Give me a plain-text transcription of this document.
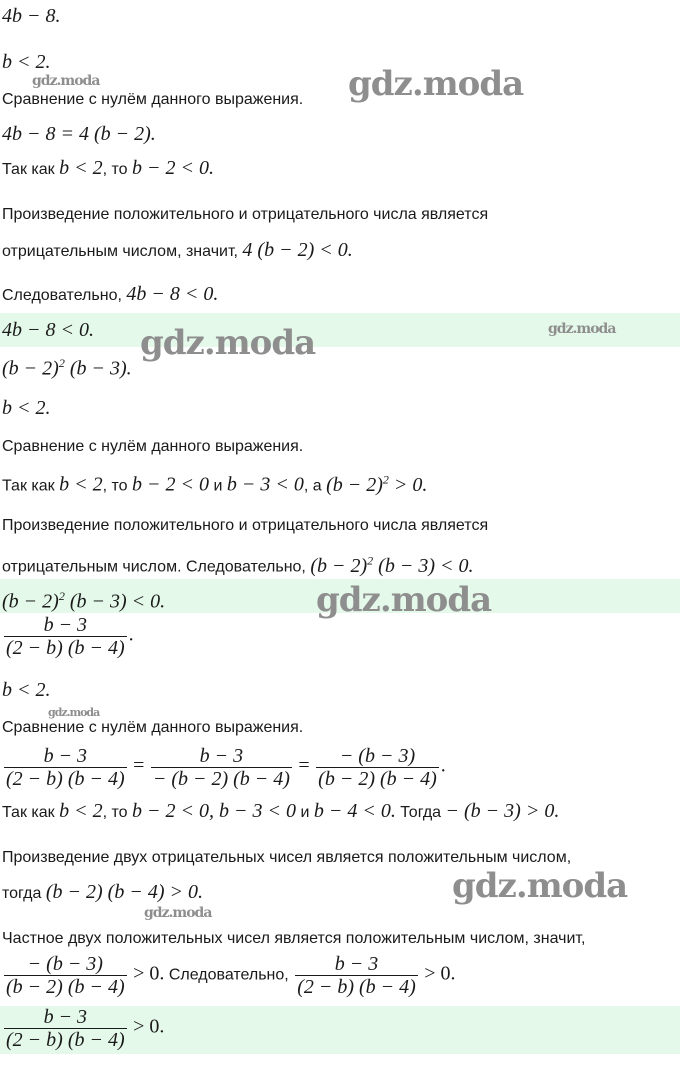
4b − 8.
b < 2.
Сравнение с нулём данного выражения.
4b − 8 = 4 (b − 2).
Так как b < 2, то b − 2 < 0.
Произведение положительного и отрицательного числа является
отрицательным числом, значит, 4 (b − 2) < 0.
Следовательно, 4b − 8 < 0.
4b − 8 < 0.
$(b - 2)^2$ (b − 3).
b < 2.
Сравнение с нулём данного выражения.
Так как b < 2, то b − 2 < 0 и b − 3 < 0, а $(b - 2)^2 > 0$.
Произведение положительного и отрицательного числа является
отрицательным числом. Следовательно, $(b - 2)^2$ (b − 3) < 0.
$(b - 2)^2$ (b − 3) < 0.
$\frac{b - 3}{(2 - b) (b - 4)}$ .
b < 2.
Сравнение с нулём данного выражения.
$\frac{b - 3}{(2 - b) (b - 4)} = \frac{b - 3}{- (b - 2) (b - 4)} = \frac{- (b - 3)}{(b - 2) (b - 4)}$ .
Так как b < 2, то b − 2 < 0, b − 3 < 0 и b − 4 < 0. Тогда − (b − 3) > 0.
Произведение двух отрицательных чисел является положительным числом,
тогда (b − 2) (b − 4) > 0.
Частное двух положительных чисел является положительным числом, значит,
$\frac{- (b - 3)}{(b - 2) (b - 4)} > 0$. Следовательно, $\frac{b - 3}{(2 - b) (b - 4)} > 0$.
$\frac{b - 3}{(2 - b) (b - 4)} > 0$.
gdz.moda	gdz.moda
gdz.moda	gdz.moda
gdz.moda
gdz.moda
gdz.moda
gdz.moda
